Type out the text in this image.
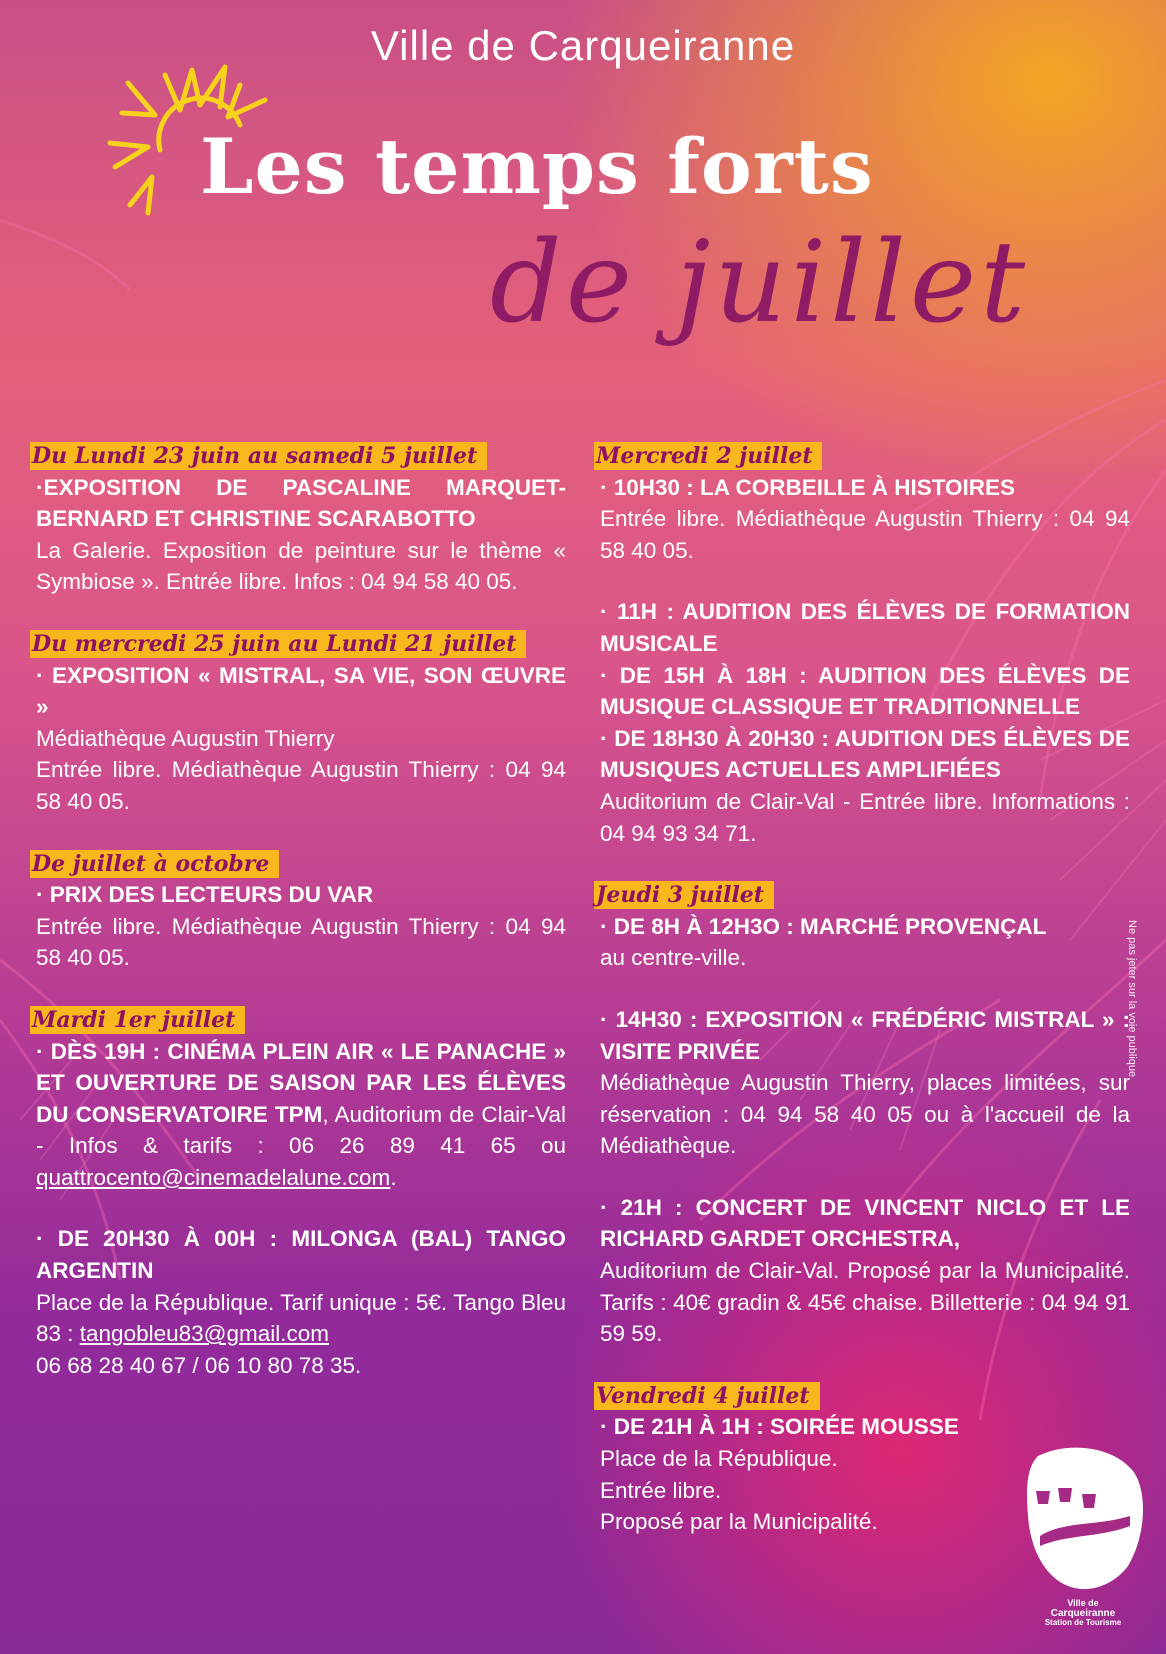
Ville de Carqueiranne
Les temps forts
de juillet
Du Lundi 23 juin au samedi 5 juillet
·EXPOSITION DE PASCALINE MARQUET-BERNARD ET CHRISTINE SCARABOTTO
La Galerie. Exposition de peinture sur le thème « Symbiose ». Entrée libre. Infos : 04 94 58 40 05.
Du mercredi 25 juin au Lundi 21 juillet
· EXPOSITION « MISTRAL, SA VIE, SON ŒUVRE »
Médiathèque Augustin Thierry
Entrée libre. Médiathèque Augustin Thierry : 04 94 58 40 05.
De juillet à octobre
· PRIX DES LECTEURS DU VAR
Entrée libre. Médiathèque Augustin Thierry : 04 94 58 40 05.
Mardi 1er juillet
· DÈS 19H : CINÉMA PLEIN AIR « LE PANACHE » ET OUVERTURE DE SAISON PAR LES ÉLÈVES DU CONSERVATOIRE TPM, Auditorium de Clair-Val - Infos & tarifs : 06 26 89 41 65 ou quattrocento@cinemadelalune.com.
· DE 20H30 À 00H : MILONGA (BAL) TANGO ARGENTIN
Place de la République. Tarif unique : 5€. Tango Bleu 83 : tangobleu83@gmail.com
06 68 28 40 67 / 06 10 80 78 35.
Mercredi 2 juillet
· 10H30 : LA CORBEILLE À HISTOIRES
Entrée libre. Médiathèque Augustin Thierry : 04 94 58 40 05.
· 11H : AUDITION DES ÉLÈVES DE FORMATION MUSICALE
· DE 15H À 18H : AUDITION DES ÉLÈVES DE MUSIQUE CLASSIQUE ET TRADITIONNELLE
· DE 18H30 À 20H30 : AUDITION DES ÉLÈVES DE MUSIQUES ACTUELLES AMPLIFIÉES
Auditorium de Clair-Val - Entrée libre. Informations : 04 94 93 34 71.
Jeudi 3 juillet
· DE 8H À 12H3O : MARCHÉ PROVENÇAL
au centre-ville.
· 14H30 : EXPOSITION « FRÉDÉRIC MISTRAL » : VISITE PRIVÉE
Médiathèque Augustin Thierry, places limitées, sur réservation : 04 94 58 40 05 ou à l'accueil de la Médiathèque.
· 21H : CONCERT DE VINCENT NICLO ET LE RICHARD GARDET ORCHESTRA,
Auditorium de Clair-Val. Proposé par la Municipalité. Tarifs : 40€ gradin & 45€ chaise. Billetterie : 04 94 91 59 59.
Vendredi 4 juillet
· DE 21H À 1H : SOIRÉE MOUSSE
Place de la République.
Entrée libre.
Proposé par la Municipalité.
Ne pas jeter sur la voie publique
Ville de
Carqueiranne
Station de Tourisme
